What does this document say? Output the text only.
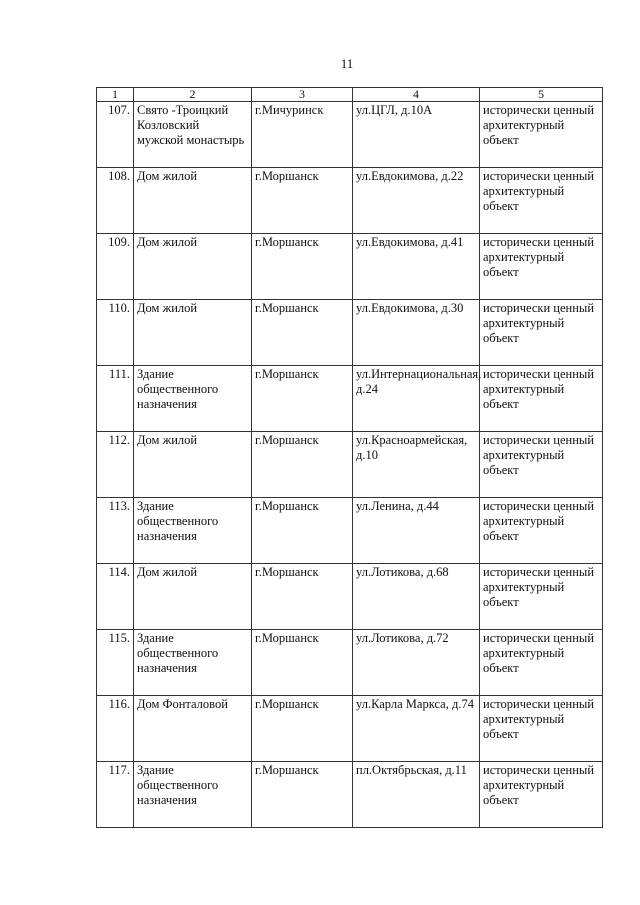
11
1	2	3	4	5
107.	Свято -Троицкий Козловский мужской монастырь	г.Мичуринск	ул.ЦГЛ, д.10А	исторически ценный архитектурный объект
108.	Дом жилой	г.Моршанск	ул.Евдокимова, д.22	исторически ценный архитектурный объект
109.	Дом жилой	г.Моршанск	ул.Евдокимова, д.41	исторически ценный архитектурный объект
110.	Дом жилой	г.Моршанск	ул.Евдокимова, д.30	исторически ценный архитектурный объект
111.	Здание общественного назначения	г.Моршанск	ул.Интернациональная, д.24	исторически ценный архитектурный объект
112.	Дом жилой	г.Моршанск	ул.Красноармейская, д.10	исторически ценный архитектурный объект
113.	Здание общественного назначения	г.Моршанск	ул.Ленина, д.44	исторически ценный архитектурный объект
114.	Дом жилой	г.Моршанск	ул.Лотикова, д.68	исторически ценный архитектурный объект
115.	Здание общественного назначения	г.Моршанск	ул.Лотикова, д.72	исторически ценный архитектурный объект
116.	Дом Фонталовой	г.Моршанск	ул.Карла Маркса, д.74	исторически ценный архитектурный объект
117.	Здание общественного назначения	г.Моршанск	пл.Октябрьская, д.11	исторически ценный архитектурный объект
